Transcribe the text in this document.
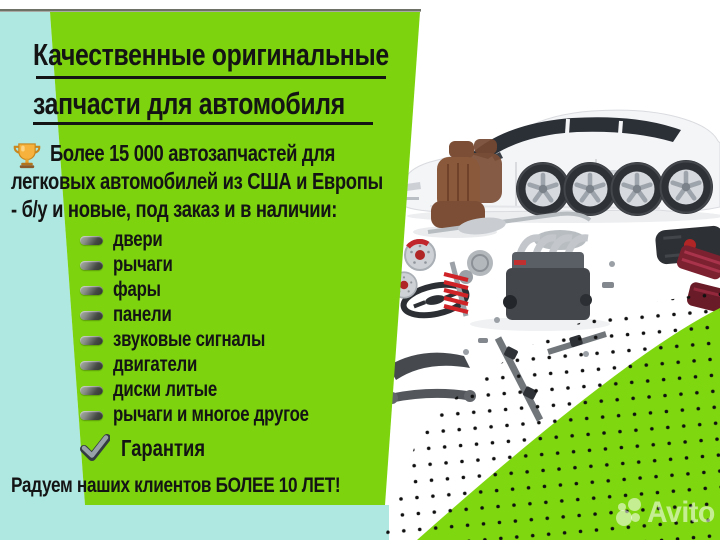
Качественные оригинальные
запчасти для автомобиля
Более 15 000 автозапчастей для
легковых автомобилей из США и Европы
- б/у и новые, под заказ и в наличии:
двери
рычаги
фары
панели
звуковые сигналы
двигатели
диски литые
рычаги и многое другое
Гарантия
Радуем наших клиентов БОЛЕЕ 10 ЛЕТ!
Avito
